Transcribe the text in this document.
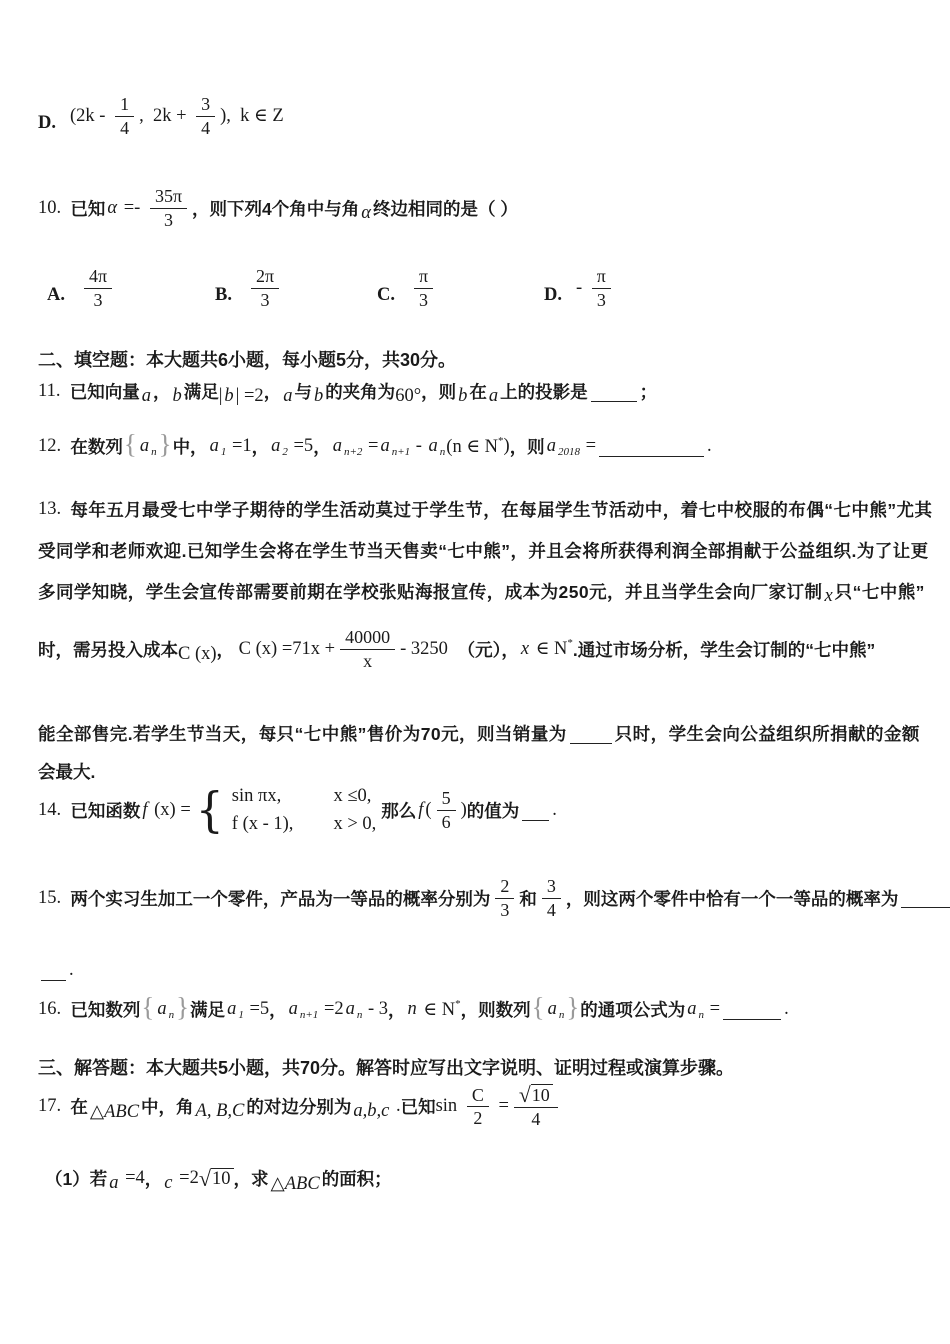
D. ($2k - \frac{1}{4}$ ,  $2k + \frac{3}{4}$ ),  k ∈ Z
10. 已知 $\alpha =- \frac{35\pi}{3}$ ，则下列4个角中与角 α 终边相同的是（ ）
A. $\frac{4\pi}{3}$	B. $\frac{2\pi}{3}$	C. $\frac{\pi}{3}$	D. - $\frac{\pi}{3}$
二、填空题：本大题共6小题，每小题5分，共30分。
11. 已知向量 a ， b 满足 | b | =2 ， a 与 b 的夹角为 60° ，则 b 在 a 上的投影是	；
12. 在数列 { a n } 中， a 1 =1 ， a 2 =5 ， a n+2 = a n+1 - a n (n ∈ N * ) ，则 a 2018 =	.
13. 每年五月最受七中学子期待的学生活动莫过于学生节，在每届学生节活动中，着七中校服的布偶“七中熊”尤其
受同学和老师欢迎.已知学生会将在学生节当天售卖“七中熊”，并且会将所获得利润全部捐献于公益组织.为了让更
多同学知晓，学生会宣传部需要前期在学校张贴海报宣传，成本为250元，并且当学生会向厂家订制 x 只“七中熊”
时，需另投入成本 C (x) ， C $(x) =71x + \frac{40000}{x} - 3250$ （元）， x ∈ N * .通过市场分析，学生会订制的“七中熊”
能全部售完.若学生节当天，每只“七中熊”售价为70元，则当销量为	只时，学生会向公益组织所捐献的金额
会最大.
14. 已知函数 f (x) = { sin πx,	x ≤0,
f (x - 1), x > 0,
那么 f ( $\frac{5}{6}$ ) 的值为 .
15. 两个实习生加工一个零件，产品为一等品的概率分别为 $\frac{2}{3}$ 和 $\frac{3}{4}$ ，则这两个零件中恰有一个一等品的概率为
.
16. 已知数列 { a n } 满足 a 1 =5 ， a n+1 =2 a n - 3 ， n ∈ N * ，则数列 { a n } 的通项公式为 a n =	.
三、解答题：本大题共5小题，共70分。解答时应写出文字说明、证明过程或演算步骤。
17. 在 △ABC 中，角 A, B,C 的对边分别为 a,b,c . 已知 $\sin \frac{C}{2} = \frac{√ 10}{4}$
（1）若 a =4 ， c =2 √ 10 ，求 △ABC 的面积；
